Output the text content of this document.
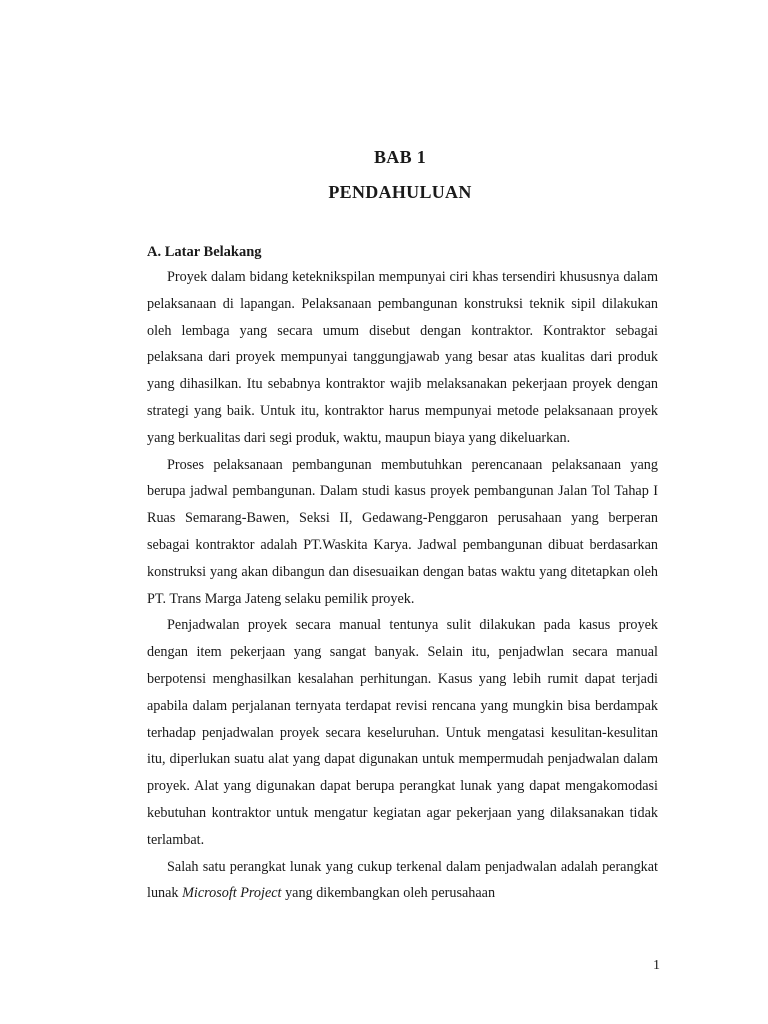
BAB 1
PENDAHULUAN
A. Latar Belakang

Proyek dalam bidang keteknikspilan mempunyai ciri khas tersendiri khususnya dalam pelaksanaan di lapangan. Pelaksanaan pembangunan konstruksi teknik sipil dilakukan oleh lembaga yang secara umum disebut dengan kontraktor. Kontraktor sebagai pelaksana dari proyek mempunyai tanggungjawab yang besar atas kualitas dari produk yang dihasilkan. Itu sebabnya kontraktor wajib melaksanakan pekerjaan proyek dengan strategi yang baik. Untuk itu, kontraktor harus mempunyai metode pelaksanaan proyek yang berkualitas dari segi produk, waktu, maupun biaya yang dikeluarkan.

Proses pelaksanaan pembangunan membutuhkan perencanaan pelaksanaan yang berupa jadwal pembangunan. Dalam studi kasus proyek pembangunan Jalan Tol Tahap I Ruas Semarang-Bawen, Seksi II, Gedawang-Penggaron perusahaan yang berperan sebagai kontraktor adalah PT.Waskita Karya. Jadwal pembangunan dibuat berdasarkan konstruksi yang akan dibangun dan disesuaikan dengan batas waktu yang ditetapkan oleh PT. Trans Marga Jateng selaku pemilik proyek.

Penjadwalan proyek secara manual tentunya sulit dilakukan pada kasus proyek dengan item pekerjaan yang sangat banyak. Selain itu, penjadwlan secara manual berpotensi menghasilkan kesalahan perhitungan. Kasus yang lebih rumit dapat terjadi apabila dalam perjalanan ternyata terdapat revisi rencana yang mungkin bisa berdampak terhadap penjadwalan proyek secara keseluruhan. Untuk mengatasi kesulitan-kesulitan itu, diperlukan suatu alat yang dapat digunakan untuk mempermudah penjadwalan dalam proyek. Alat yang digunakan dapat berupa perangkat lunak yang dapat mengakomodasi kebutuhan kontraktor untuk mengatur kegiatan agar pekerjaan yang dilaksanakan tidak terlambat.

Salah satu perangkat lunak yang cukup terkenal dalam penjadwalan adalah perangkat lunak Microsoft Project yang dikembangkan oleh perusahaan

1
